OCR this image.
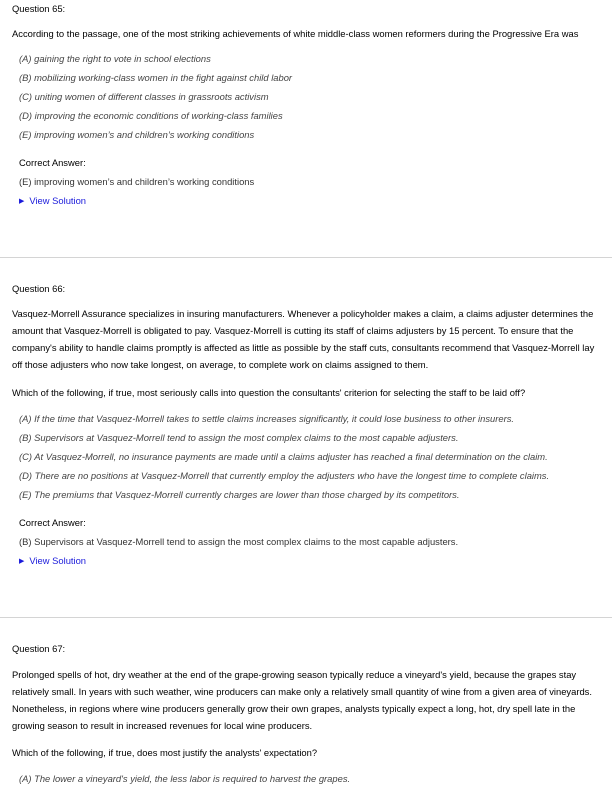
Question 65:
According to the passage, one of the most striking achievements of white middle-class women reformers during the Progressive Era was
(A) gaining the right to vote in school elections
(B) mobilizing working-class women in the fight against child labor
(C) uniting women of different classes in grassroots activism
(D) improving the economic conditions of working-class families
(E) improving women’s and children’s working conditions
Correct Answer:
(E) improving women’s and children’s working conditions
▶ View Solution
Question 66:
Vasquez-Morrell Assurance specializes in insuring manufacturers. Whenever a policyholder makes a claim, a claims adjuster determines the amount that Vasquez-Morrell is obligated to pay. Vasquez-Morrell is cutting its staff of claims adjusters by 15 percent. To ensure that the company's ability to handle claims promptly is affected as little as possible by the staff cuts, consultants recommend that Vasquez-Morrell lay off those adjusters who now take longest, on average, to complete work on claims assigned to them.
Which of the following, if true, most seriously calls into question the consultants' criterion for selecting the staff to be laid off?
(A) If the time that Vasquez-Morrell takes to settle claims increases significantly, it could lose business to other insurers.
(B) Supervisors at Vasquez-Morrell tend to assign the most complex claims to the most capable adjusters.
(C) At Vasquez-Morrell, no insurance payments are made until a claims adjuster has reached a final determination on the claim.
(D) There are no positions at Vasquez-Morrell that currently employ the adjusters who have the longest time to complete claims.
(E) The premiums that Vasquez-Morrell currently charges are lower than those charged by its competitors.
Correct Answer:
(B) Supervisors at Vasquez-Morrell tend to assign the most complex claims to the most capable adjusters.
▶ View Solution
Question 67:
Prolonged spells of hot, dry weather at the end of the grape-growing season typically reduce a vineyard's yield, because the grapes stay relatively small. In years with such weather, wine producers can make only a relatively small quantity of wine from a given area of vineyards. Nonetheless, in regions where wine producers generally grow their own grapes, analysts typically expect a long, hot, dry spell late in the growing season to result in increased revenues for local wine producers.
Which of the following, if true, does most justify the analysts' expectation?
(A) The lower a vineyard's yield, the less labor is required to harvest the grapes.
